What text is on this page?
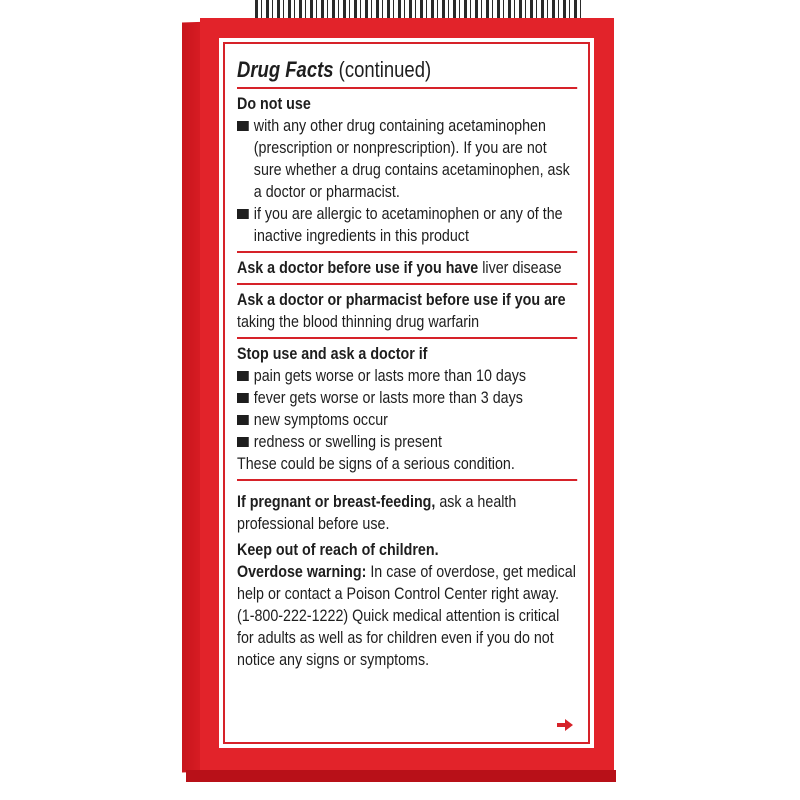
Drug Facts (continued)

Do not use

with any other drug containing acetaminophen (prescription or nonprescription). If you are not sure whether a drug contains acetaminophen, ask a doctor or pharmacist.
if you are allergic to acetaminophen or any of the inactive ingredients in this product

Ask a doctor before use if you have liver disease

Ask a doctor or pharmacist before use if you are

taking the blood thinning drug warfarin

Stop use and ask a doctor if

pain gets worse or lasts more than 10 days
fever gets worse or lasts more than 3 days
new symptoms occur
redness or swelling is present

These could be signs of a serious condition.

If pregnant or breast-feeding, ask a health professional before use.

Keep out of reach of children.

Overdose warning: In case of overdose, get medical help or contact a Poison Control Center right away. (1-800-222-1222) Quick medical attention is critical for adults as well as for children even if you do not notice any signs or symptoms.
